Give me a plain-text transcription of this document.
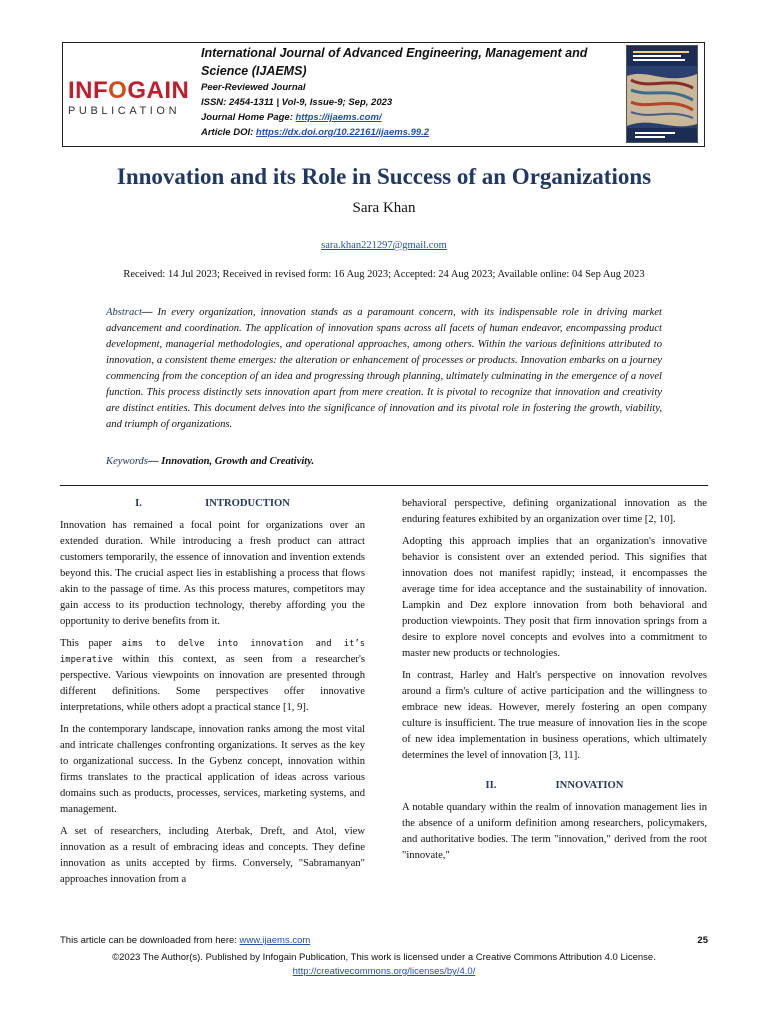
INFOGAIN
PUBLICATION
International Journal of Advanced Engineering, Management and Science (IJAEMS)
Peer-Reviewed Journal
ISSN: 2454-1311 | Vol-9, Issue-9; Sep, 2023
Journal Home Page: https://ijaems.com/
Article DOI: https://dx.doi.org/10.22161/ijaems.99.2
Innovation and its Role in Success of an Organizations
Sara Khan
sara.khan221297@gmail.com
Received: 14 Jul 2023; Received in revised form: 16 Aug 2023; Accepted: 24 Aug 2023; Available online: 04 Sep Aug 2023
Abstract— In every organization, innovation stands as a paramount concern, with its indispensable role in driving market advancement and coordination. The application of innovation spans across all facets of human endeavor, encompassing product development, managerial methodologies, and operational approaches, among others. Within the various definitions attributed to innovation, a consistent theme emerges: the alteration or enhancement of processes or products. Innovation embarks on a journey commencing from the conception of an idea and progressing through planning, ultimately culminating in the emergence of a novel function. This process distinctly sets innovation apart from mere creation. It is pivotal to recognize that innovation and creativity are distinct entities. This document delves into the significance of innovation and its pivotal role in fostering the growth, viability, and triumph of organizations.
Keywords— Innovation, Growth and Creativity.
I.	INTRODUCTION

Innovation has remained a focal point for organizations over an extended duration. While introducing a fresh product can attract customers temporarily, the essence of innovation and invention extends beyond this. The crucial aspect lies in establishing a process that flows akin to the passage of time. As this process matures, competitors may gain access to its production technology, thereby affording you the opportunity to derive benefits from it.

This paper aims to delve into innovation and it’s imperative within this context, as seen from a researcher's perspective. Various viewpoints on innovation are presented through different definitions. Some perspectives offer innovative interpretations, while others adopt a practical stance [1, 9].

In the contemporary landscape, innovation ranks among the most vital and intricate challenges confronting organizations. It serves as the key to organizational success. In the Gybenz concept, innovation within firms translates to the practical application of ideas across various domains such as products, processes, services, marketing systems, and management.

A set of researchers, including Aterbak, Dreft, and Atol, view innovation as a result of embracing ideas and concepts. They define innovation as units accepted by firms. Conversely, "Sabramanyan" approaches innovation from a

behavioral perspective, defining organizational innovation as the enduring features exhibited by an organization over time [2, 10].

Adopting this approach implies that an organization's innovative behavior is consistent over an extended period. This signifies that innovation does not manifest rapidly; instead, it encompasses the average time for idea acceptance and the sustainability of innovation. Lampkin and Dez explore innovation from both behavioral and production viewpoints. They posit that firm innovation springs from a desire to explore novel concepts and evolves into a commitment to master new products or technologies.

In contrast, Harley and Halt's perspective on innovation revolves around a firm's culture of active participation and the willingness to embrace new ideas. However, merely fostering an open company culture is insufficient. The true measure of innovation lies in the scope of new idea implementation in business operations, which ultimately determines the level of innovation [3, 11].

II.	INNOVATION

A notable quandary within the realm of innovation management lies in the absence of a uniform definition among researchers, policymakers, and authoritative bodies. The term "innovation," derived from the root "innovate,"

This article can be downloaded from here: www.ijaems.com	25
©2023 The Author(s). Published by Infogain Publication, This work is licensed under a Creative Commons Attribution 4.0 License.
http://creativecommons.org/licenses/by/4.0/
